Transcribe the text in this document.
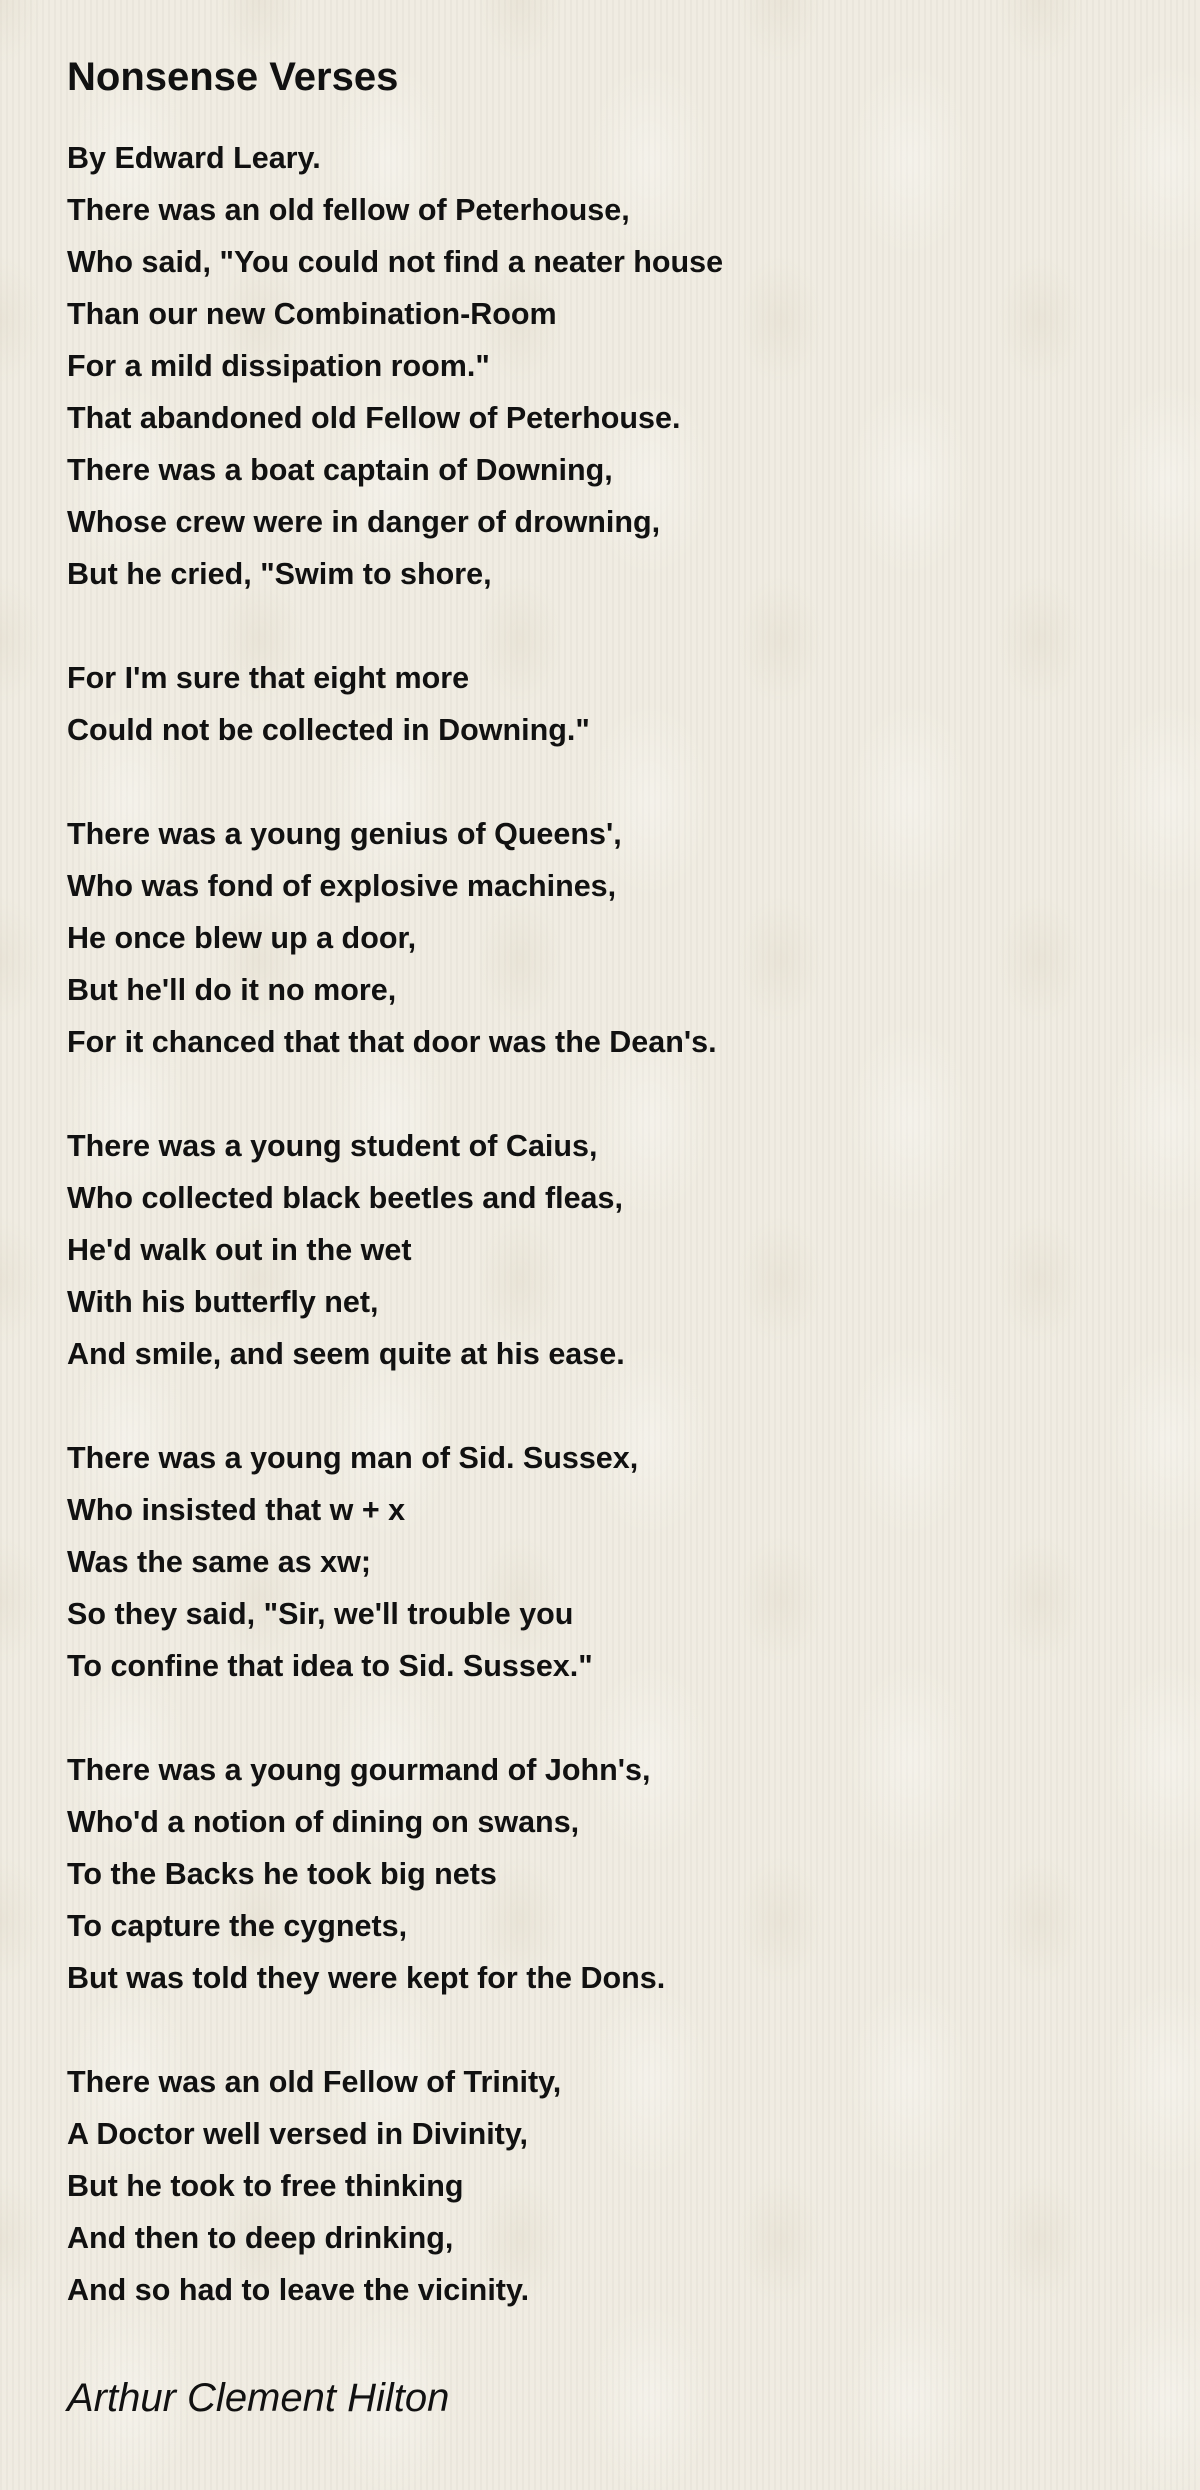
Nonsense Verses
By Edward Leary.
There was an old fellow of Peterhouse,
Who said, "You could not find a neater house
Than our new Combination-Room
For a mild dissipation room."
That abandoned old Fellow of Peterhouse.
There was a boat captain of Downing,
Whose crew were in danger of drowning,
But he cried, "Swim to shore,
For I'm sure that eight more
Could not be collected in Downing."
There was a young genius of Queens',
Who was fond of explosive machines,
He once blew up a door,
But he'll do it no more,
For it chanced that that door was the Dean's.
There was a young student of Caius,
Who collected black beetles and fleas,
He'd walk out in the wet
With his butterfly net,
And smile, and seem quite at his ease.
There was a young man of Sid. Sussex,
Who insisted that w + x
Was the same as xw;
So they said, "Sir, we'll trouble you
To confine that idea to Sid. Sussex."
There was a young gourmand of John's,
Who'd a notion of dining on swans,
To the Backs he took big nets
To capture the cygnets,
But was told they were kept for the Dons.
There was an old Fellow of Trinity,
A Doctor well versed in Divinity,
But he took to free thinking
And then to deep drinking,
And so had to leave the vicinity.
Arthur Clement Hilton
